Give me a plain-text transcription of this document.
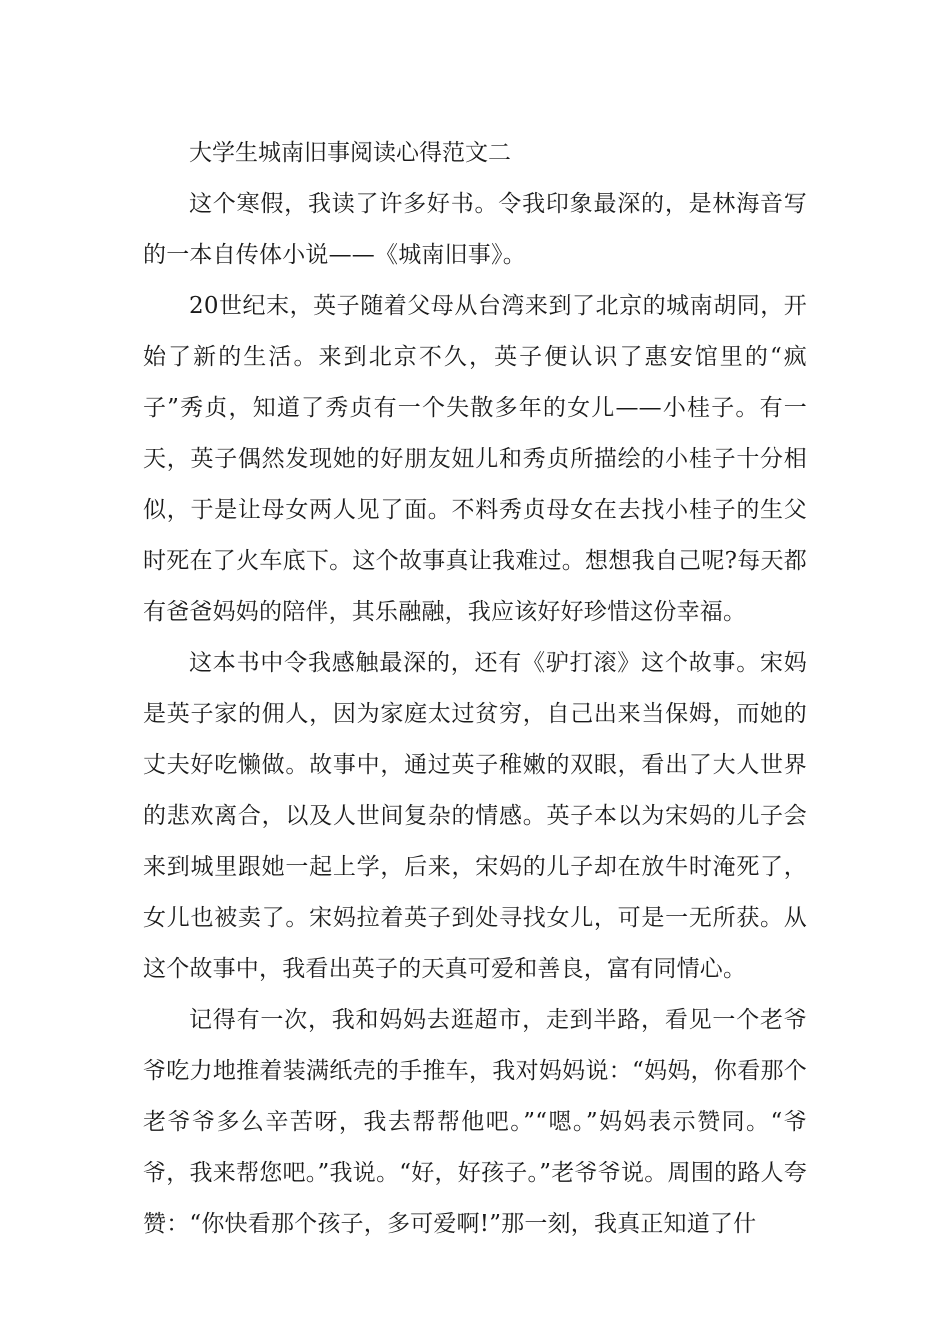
大学生城南旧事阅读心得范文二

这个寒假，我读了许多好书。令我印象最深的，是林海音写的一本自传体小说——《城南旧事》。

20世纪末，英子随着父母从台湾来到了北京的城南胡同，开始了新的生活。来到北京不久，英子便认识了惠安馆里的“疯子”秀贞，知道了秀贞有一个失散多年的女儿——小桂子。有一天，英子偶然发现她的好朋友妞儿和秀贞所描绘的小桂子十分相似，于是让母女两人见了面。不料秀贞母女在去找小桂子的生父时死在了火车底下。这个故事真让我难过。想想我自己呢?每天都有爸爸妈妈的陪伴，其乐融融，我应该好好珍惜这份幸福。

这本书中令我感触最深的，还有《驴打滚》这个故事。宋妈是英子家的佣人，因为家庭太过贫穷，自己出来当保姆，而她的丈夫好吃懒做。故事中，通过英子稚嫩的双眼，看出了大人世界的悲欢离合，以及人世间复杂的情感。英子本以为宋妈的儿子会来到城里跟她一起上学，后来，宋妈的儿子却在放牛时淹死了，女儿也被卖了。宋妈拉着英子到处寻找女儿，可是一无所获。从这个故事中，我看出英子的天真可爱和善良，富有同情心。

记得有一次，我和妈妈去逛超市，走到半路，看见一个老爷爷吃力地推着装满纸壳的手推车，我对妈妈说：“妈妈，你看那个老爷爷多么辛苦呀，我去帮帮他吧。”“嗯。”妈妈表示赞同。“爷爷，我来帮您吧。”我说。“好，好孩子。”老爷爷说。周围的路人夸赞：“你快看那个孩子，多可爱啊!”那一刻，我真正知道了什
